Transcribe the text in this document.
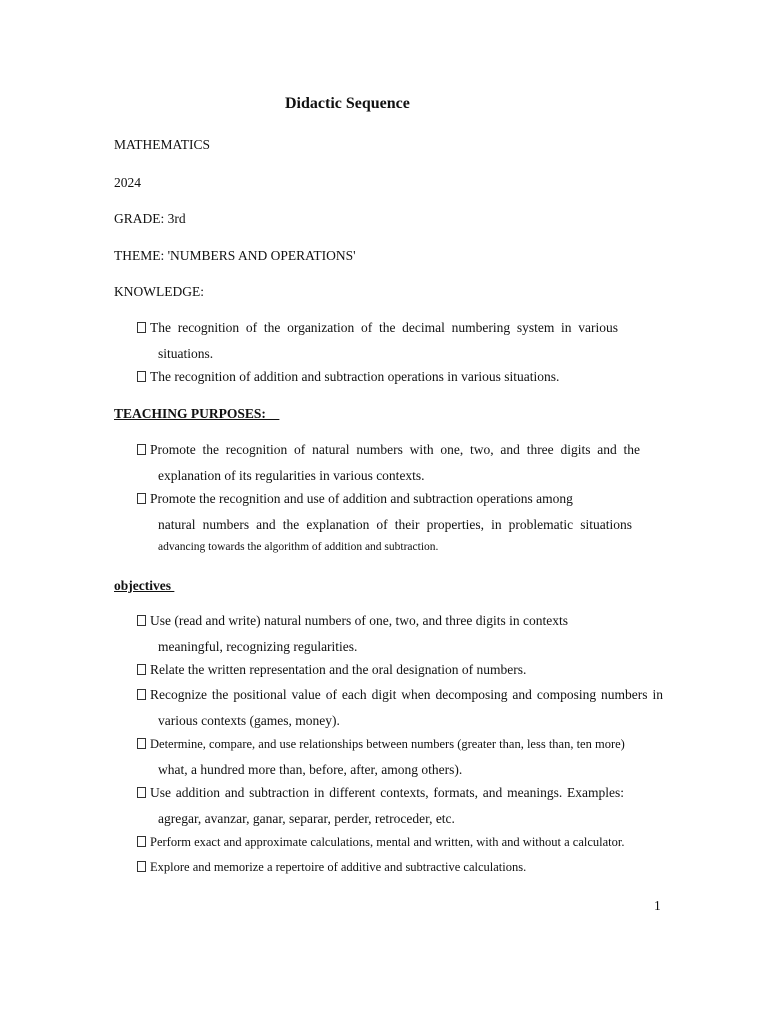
Didactic Sequence

MATHEMATICS

2024

GRADE: 3rd

THEME: 'NUMBERS AND OPERATIONS'

KNOWLEDGE:

The recognition of the organization of the decimal numbering system in various

situations.

The recognition of addition and subtraction operations in various situations.

TEACHING PURPOSES:

Promote the recognition of natural numbers with one, two, and three digits and the

explanation of its regularities in various contexts.

Promote the recognition and use of addition and subtraction operations among

natural numbers and the explanation of their properties, in problematic situations

advancing towards the algorithm of addition and subtraction.

objectives

Use (read and write) natural numbers of one, two, and three digits in contexts

meaningful, recognizing regularities.

Relate the written representation and the oral designation of numbers.

Recognize the positional value of each digit when decomposing and composing numbers in

various contexts (games, money).

Determine, compare, and use relationships between numbers (greater than, less than, ten more)

what, a hundred more than, before, after, among others).

Use addition and subtraction in different contexts, formats, and meanings. Examples:

agregar, avanzar, ganar, separar, perder, retroceder, etc.

Perform exact and approximate calculations, mental and written, with and without a calculator.

Explore and memorize a repertoire of additive and subtractive calculations.

1
